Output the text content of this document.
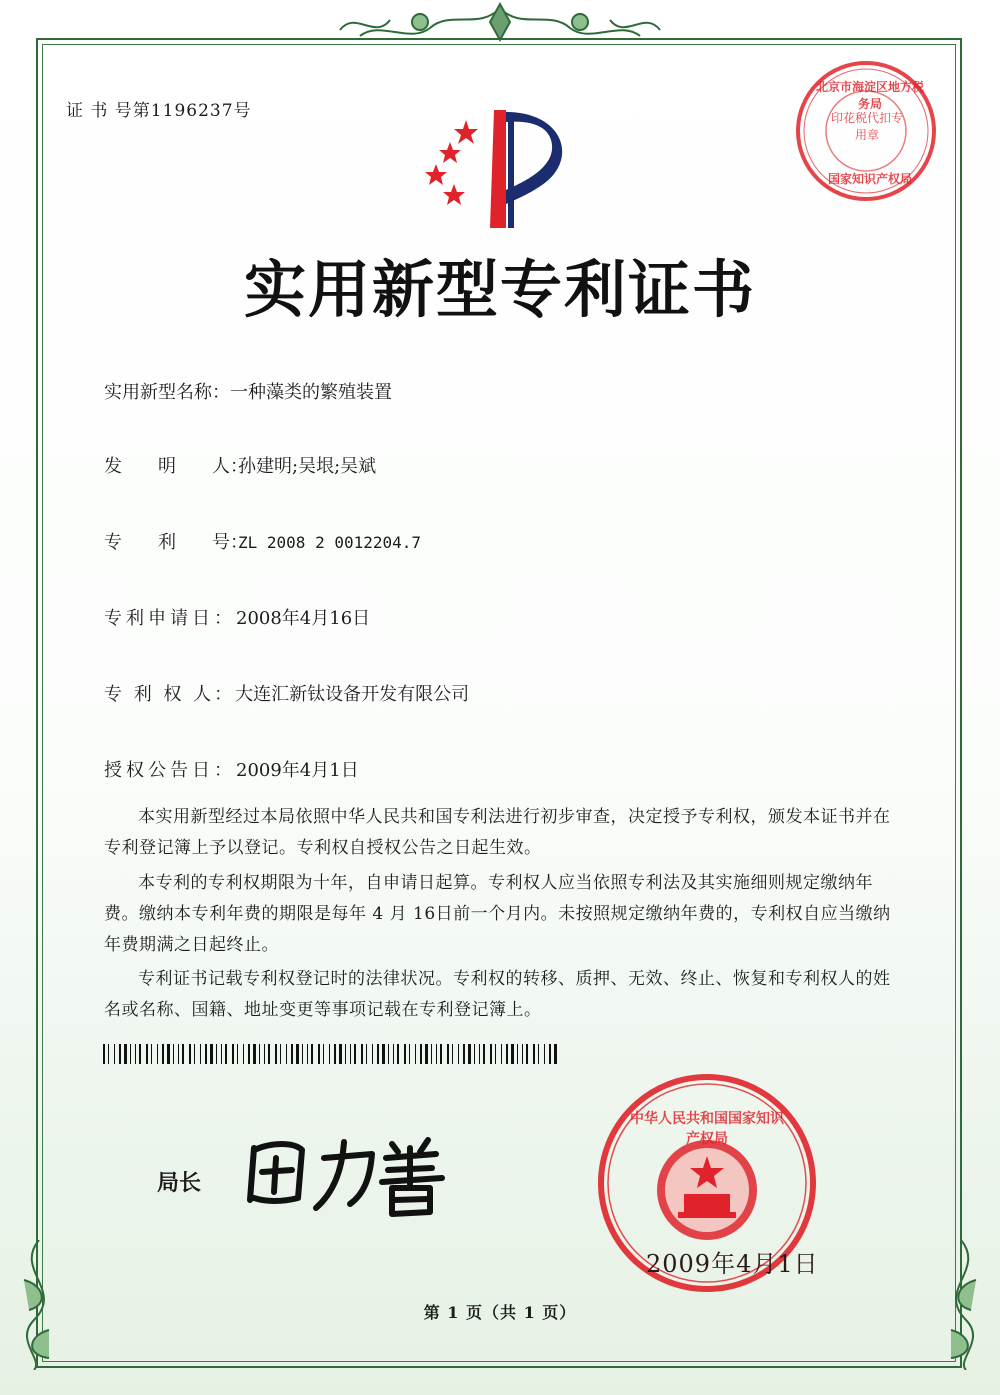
证 书 号第1196237号
北京市海淀区地方税务局
印花税代扣专用章
国家知识产权局
实用新型专利证书
实用新型名称：一种藻类的繁殖装置
发　　明　　人：孙建明;吴垠;吴斌
专　　利　　号：ZL 2008 2 0012204.7
专利申请日：2008年4月16日
专 利 权 人：大连汇新钛设备开发有限公司
授权公告日：2009年4月1日
本实用新型经过本局依照中华人民共和国专利法进行初步审查，决定授予专利权，颁发本证书并在专利登记簿上予以登记。专利权自授权公告之日起生效。
本专利的专利权期限为十年，自申请日起算。专利权人应当依照专利法及其实施细则规定缴纳年费。缴纳本专利年费的期限是每年 4 月 16日前一个月内。未按照规定缴纳年费的，专利权自应当缴纳年费期满之日起终止。
专利证书记载专利权登记时的法律状况。专利权的转移、质押、无效、终止、恢复和专利权人的姓名或名称、国籍、地址变更等事项记载在专利登记簿上。
局长
中华人民共和国国家知识产权局
2009年4月1日
第 1 页（共 1 页）
